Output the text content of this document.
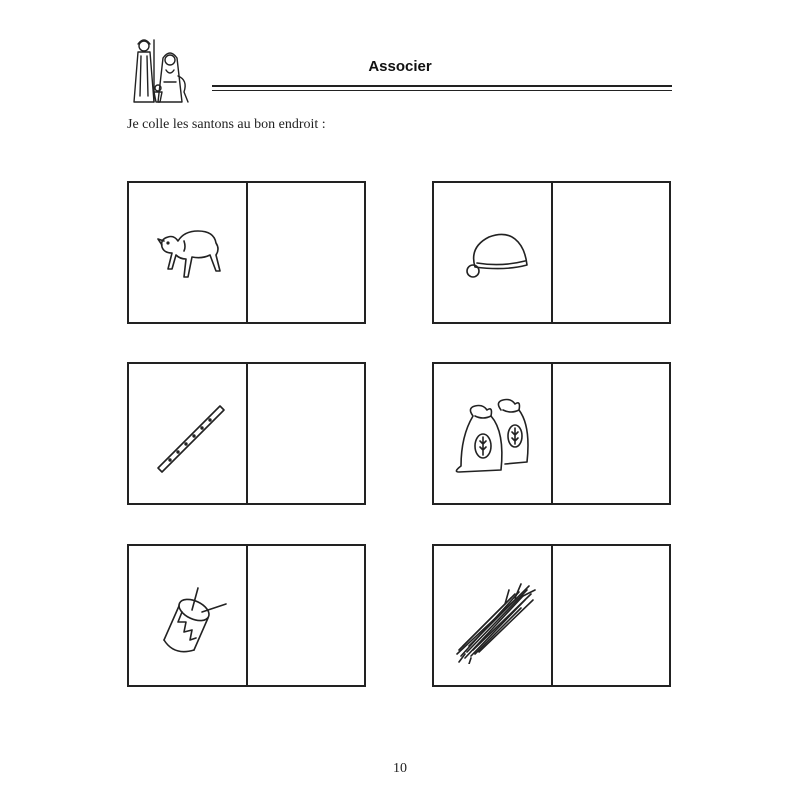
Associer
Je colle les santons au bon endroit :
10
